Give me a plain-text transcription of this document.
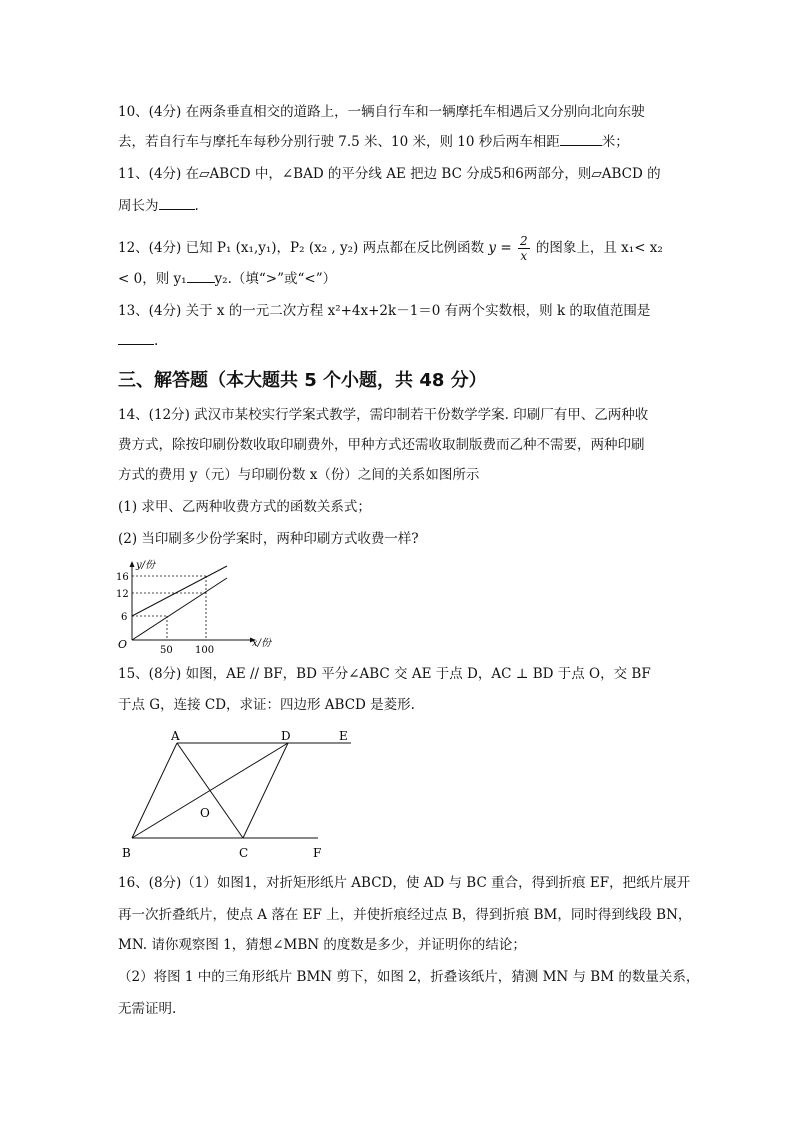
10、(4分) 在两条垂直相交的道路上，一辆自行车和一辆摩托车相遇后又分别向北向东驶
去，若自行车与摩托车每秒分别行驶 7.5 米、10 米，则 10 秒后两车相距	米；
11、(4分) 在▱ABCD 中，∠BAD 的平分线 AE 把边 BC 分成5和6两部分，则▱ABCD 的
周长为	.
12、(4分) 已知 P₁ (x₁,y₁)，P₂ (x₂ , y₂) 两点都在反比例函数 $y = \frac{2}{x}$ 的图象上，且 x₁< x₂
< 0，则 y₁ y₂.（填“>”或“<”）
13、(4分) 关于 x 的一元二次方程 x²+4x+2k－1＝0 有两个实数根，则 k 的取值范围是
.
三、解答题（本大题共 5 个小题，共 48 分）
14、(12分) 武汉市某校实行学案式教学，需印制若干份数学学案. 印刷厂有甲、乙两种收
费方式，除按印刷份数收取印刷费外，甲种方式还需收取制版费而乙种不需要，两种印刷
方式的费用 y（元）与印刷份数 x（份）之间的关系如图所示
(1) 求甲、乙两种收费方式的函数关系式；
(2) 当印刷多少份学案时，两种印刷方式收费一样?
y/份
x/份
O
16
12
6
50 100
15、(8分) 如图，AE // BF，BD 平分∠ABC 交 AE 于点 D，AC ⊥ BD 于点 O，交 BF
于点 G，连接 CD，求证：四边形 ABCD 是菱形.
A	D	E
O
B	C	F
16、(8分)（1）如图1，对折矩形纸片 ABCD，使 AD 与 BC 重合，得到折痕 EF，把纸片展开
再一次折叠纸片，使点 A 落在 EF 上，并使折痕经过点 B，得到折痕 BM，同时得到线段 BN，
MN. 请你观察图 1，猜想∠MBN 的度数是多少，并证明你的结论；
（2）将图 1 中的三角形纸片 BMN 剪下，如图 2，折叠该纸片，猜测 MN 与 BM 的数量关系，
无需证明.
